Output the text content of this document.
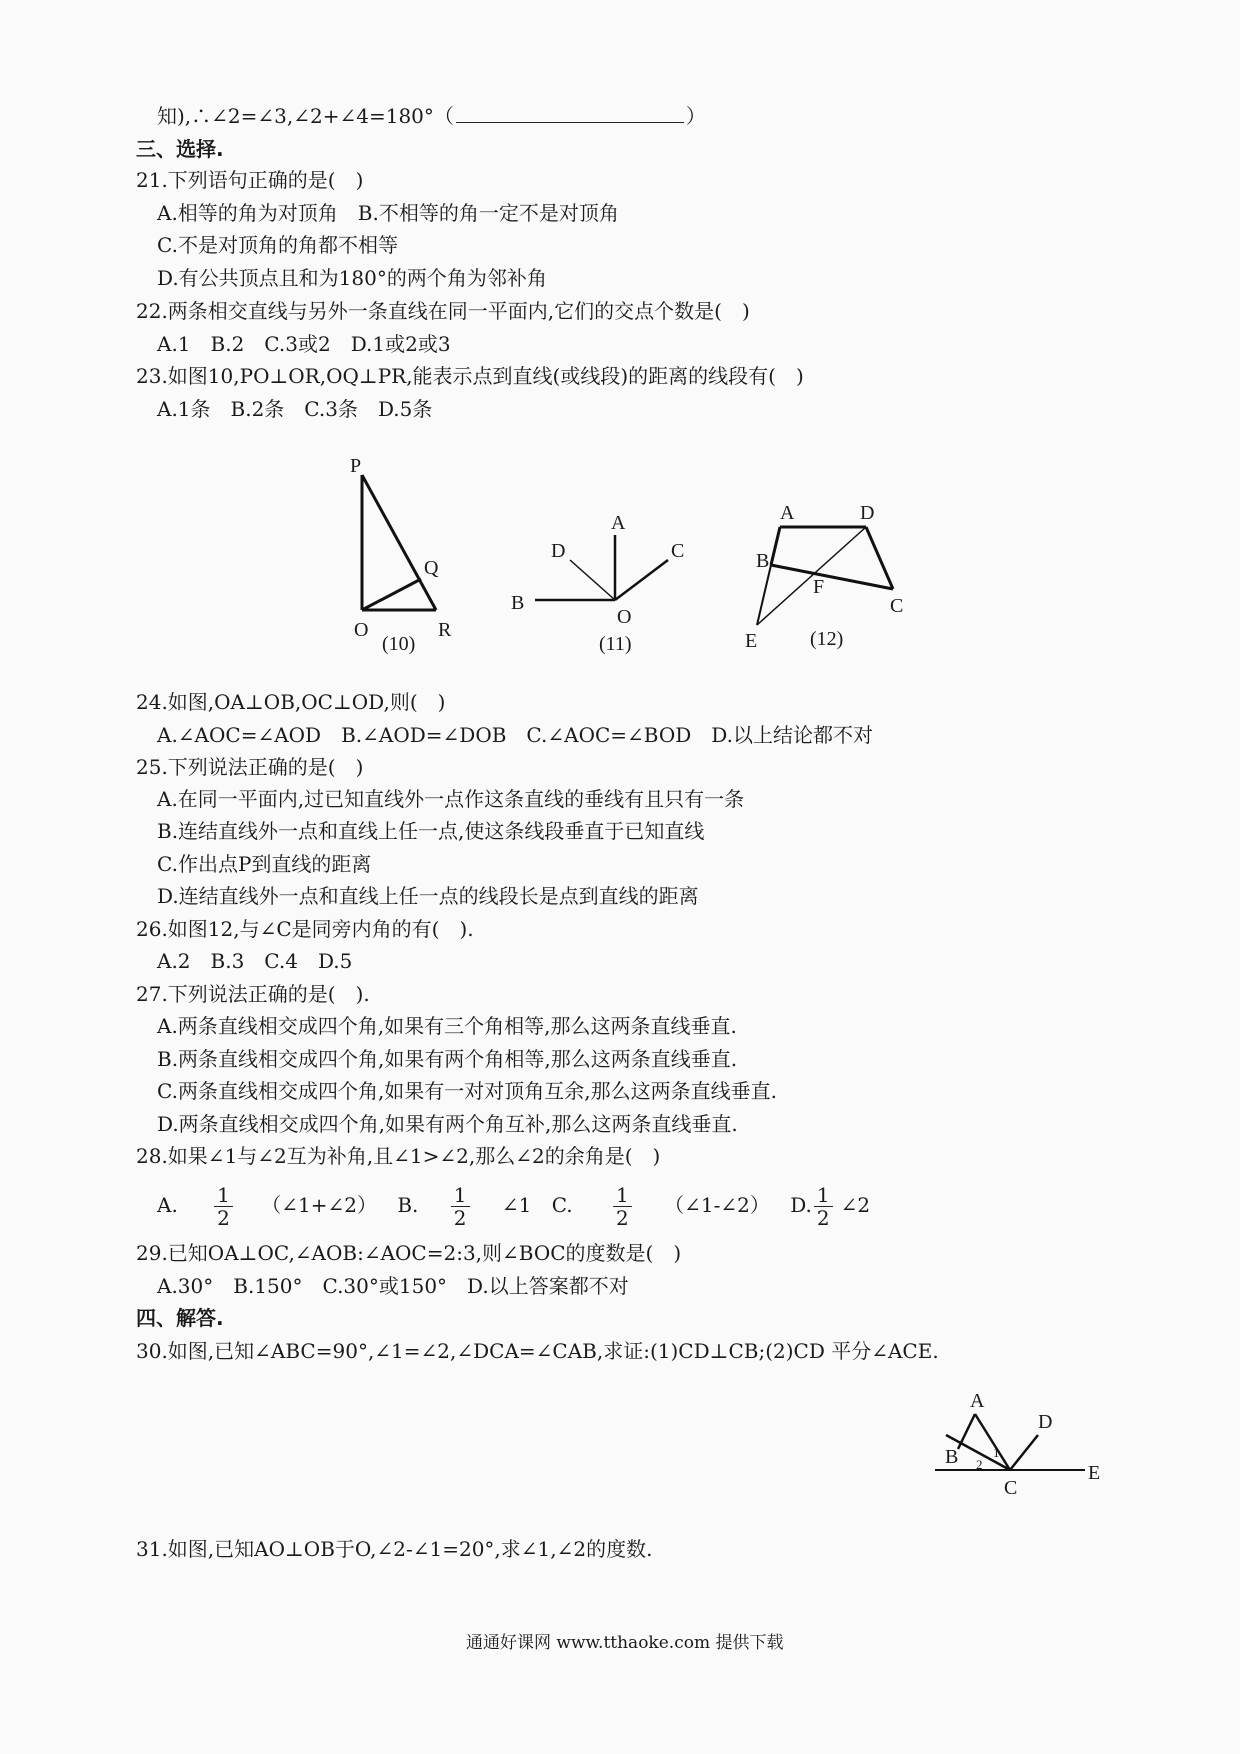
知),∴∠2=∠3,∠2+∠4=180°（	）
三、选择.
21.下列语句正确的是(　)
A.相等的角为对顶角　B.不相等的角一定不是对顶角
C.不是对顶角的角都不相等
D.有公共顶点且和为180°的两个角为邻补角
22.两条相交直线与另外一条直线在同一平面内,它们的交点个数是(　)
A.1　B.2　C.3或2　D.1或2或3
23.如图10,PO⊥OR,OQ⊥PR,能表示点到直线(或线段)的距离的线段有(　)
A.1条　B.2条　C.3条　D.5条
P
Q
O	R
(10)
A
D	C
B
O
(11)
A	D
B
F
C
E	(12)
24.如图,OA⊥OB,OC⊥OD,则(　)
A.∠AOC=∠AOD　B.∠AOD=∠DOB　C.∠AOC=∠BOD　D.以上结论都不对
25.下列说法正确的是(　)
A.在同一平面内,过已知直线外一点作这条直线的垂线有且只有一条
B.连结直线外一点和直线上任一点,使这条线段垂直于已知直线
C.作出点P到直线的距离
D.连结直线外一点和直线上任一点的线段长是点到直线的距离
26.如图12,与∠C是同旁内角的有(　).
A.2　B.3　C.4　D.5
27.下列说法正确的是(　).
A.两条直线相交成四个角,如果有三个角相等,那么这两条直线垂直.
B.两条直线相交成四个角,如果有两个角相等,那么这两条直线垂直.
C.两条直线相交成四个角,如果有一对对顶角互余,那么这两条直线垂直.
D.两条直线相交成四个角,如果有两个角互补,那么这两条直线垂直.
28.如果∠1与∠2互为补角,且∠1>∠2,那么∠2的余角是(　)
A. $\frac{1}{2}$ （∠1+∠2） B. $\frac{1}{2}$ ∠1 C. $\frac{1}{2}$ （∠1-∠2） D. $\frac{1}{2}$ ∠2
29.已知OA⊥OC,∠AOB:∠AOC=2:3,则∠BOC的度数是(　)
A.30°　B.150°　C.30°或150°　D.以上答案都不对
四、解答.
30.如图,已知∠ABC=90°,∠1=∠2,∠DCA=∠CAB,求证:(1)CD⊥CB;(2)CD 平分∠ACE.
A
D
B	1
2
C
E
31.如图,已知AO⊥OB于O,∠2-∠1=20°,求∠1,∠2的度数.
通通好课网 www.tthaoke.com 提供下载
